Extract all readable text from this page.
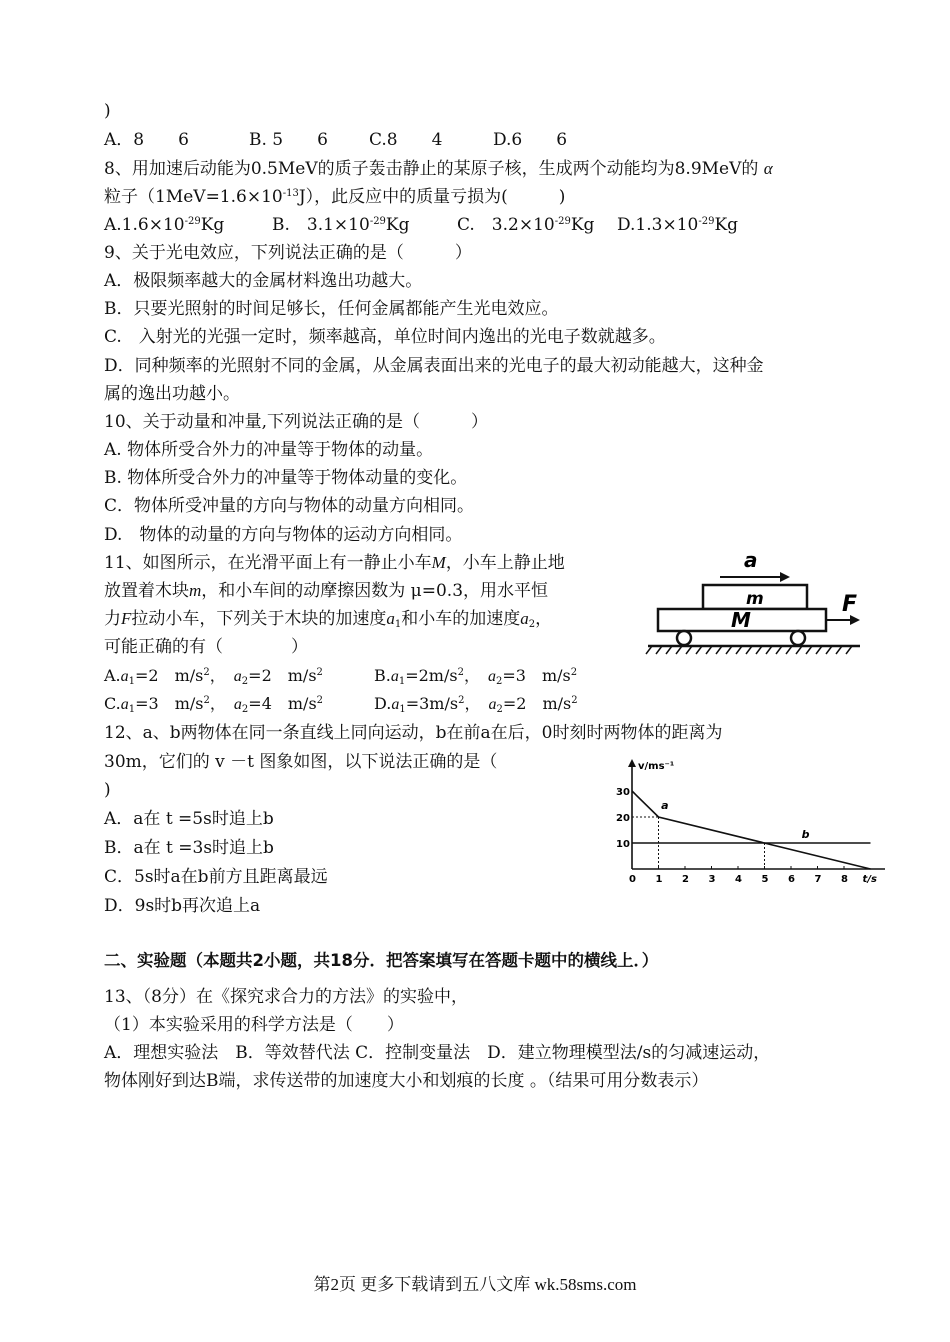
)
A．8　　6	B. 5　　6 C.8　　4	D.6　　6
8、用加速后动能为0.5MeV的质子轰击静止的某原子核，生成两个动能均为8.9MeV的 α
粒子$(1MeV=1.6\times 10^{-13}J)$，此反应中的质量亏损为(　　　)
$A.1.6\times 10^{-29}Kg$	B.　$3.1\times 10^{-29}Kg$	C.　$3.2\times 10^{-29}Kg$ $D.1.3\times 10^{-29}Kg$
9、关于光电效应，下列说法正确的是（　　　）
A．极限频率越大的金属材料逸出功越大。
B．只要光照射的时间足够长，任何金属都能产生光电效应。
C.　入射光的光强一定时，频率越高，单位时间内逸出的光电子数就越多。
D．同种频率的光照射不同的金属，从金属表面出来的光电子的最大初动能越大，这种金
属的逸出功越小。
10、关于动量和冲量,下列说法正确的是（　　　）
A. 物体所受合外力的冲量等于物体的动量。
B. 物体所受合外力的冲量等于物体动量的变化。
C．物体所受冲量的方向与物体的动量方向相同。
D.　物体的动量的方向与物体的运动方向相同。
11、如图所示，在光滑平面上有一静止小车M，小车上静止地
放置着木块m，和小车间的动摩擦因数为 μ=0.3，用水平恒
力F拉动小车，下列关于木块的加速度$a_1$和小车的加速度$a_2$，
可能正确的有（　　　　）
$A.a_1=2$　$m/s^2$，　 $a_2=2$　$m/s^2$	$B.a_1=2m/s^2$，　 $a_2=3$　$m/s^2$
$C.a_1=3$　$m/s^2$，　 $a_2=4$　$m/s^2$	$D.a_1=3m/s^2$，　 $a_2=2$　$m/s^2$
a
m
M
F
12、a、b两物体在同一条直线上同向运动，b在前a在后，0时刻时两物体的距离为
30m，它们的 v －t 图象如图，以下说法正确的是（
)
A．a在 t =5s时追上b
B．a在 t =3s时追上b
C．5s时a在b前方且距离最远
D．9s时b再次追上a
0 1 2 3 4 5 6 7 8
10
20
30
t/s
v/ms⁻¹
a
b
二、实验题（本题共2小题，共18分．把答案填写在答题卡题中的横线上．）
13、（8分）在《探究求合力的方法》的实验中，
（1）本实验采用的科学方法是（　　）
A．理想实验法　B．等效替代法 C．控制变量法　D．建立物理模型法/s的匀减速运动，
物体刚好到达B端，求传送带的加速度大小和划痕的长度 。（结果可用分数表示）
第2页 更多下载请到五八文库 wk.58sms.com
